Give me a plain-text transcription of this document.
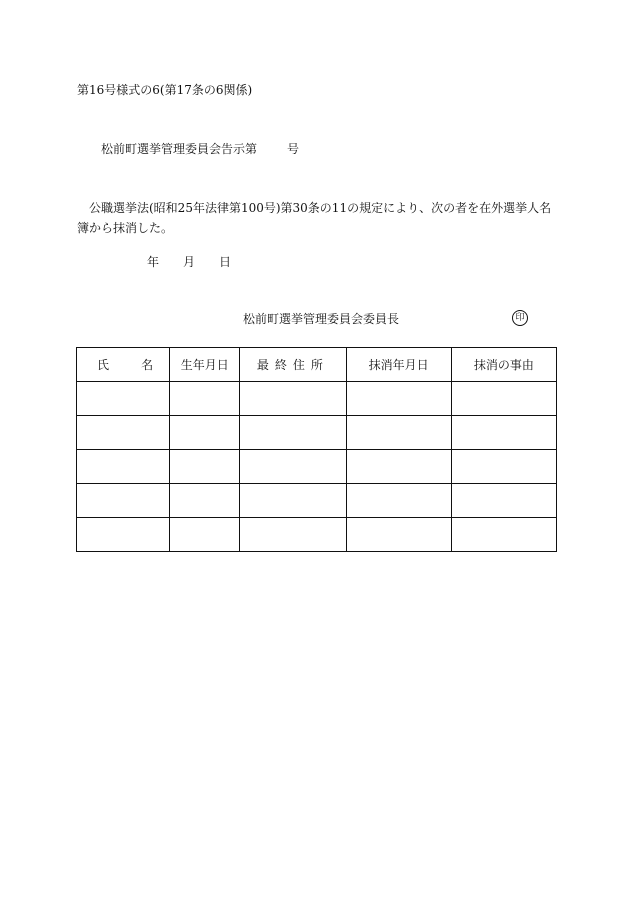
第16号様式の6(第17条の6関係)
松前町選挙管理委員会告示第	号
公職選挙法(昭和25年法律第100号)第30条の11の規定により、次の者を在外選挙人名簿から抹消した。
年 月 日
松前町選挙管理委員会委員長	印
氏 名	生年月日	最終住所	抹消年月日	抹消の事由
